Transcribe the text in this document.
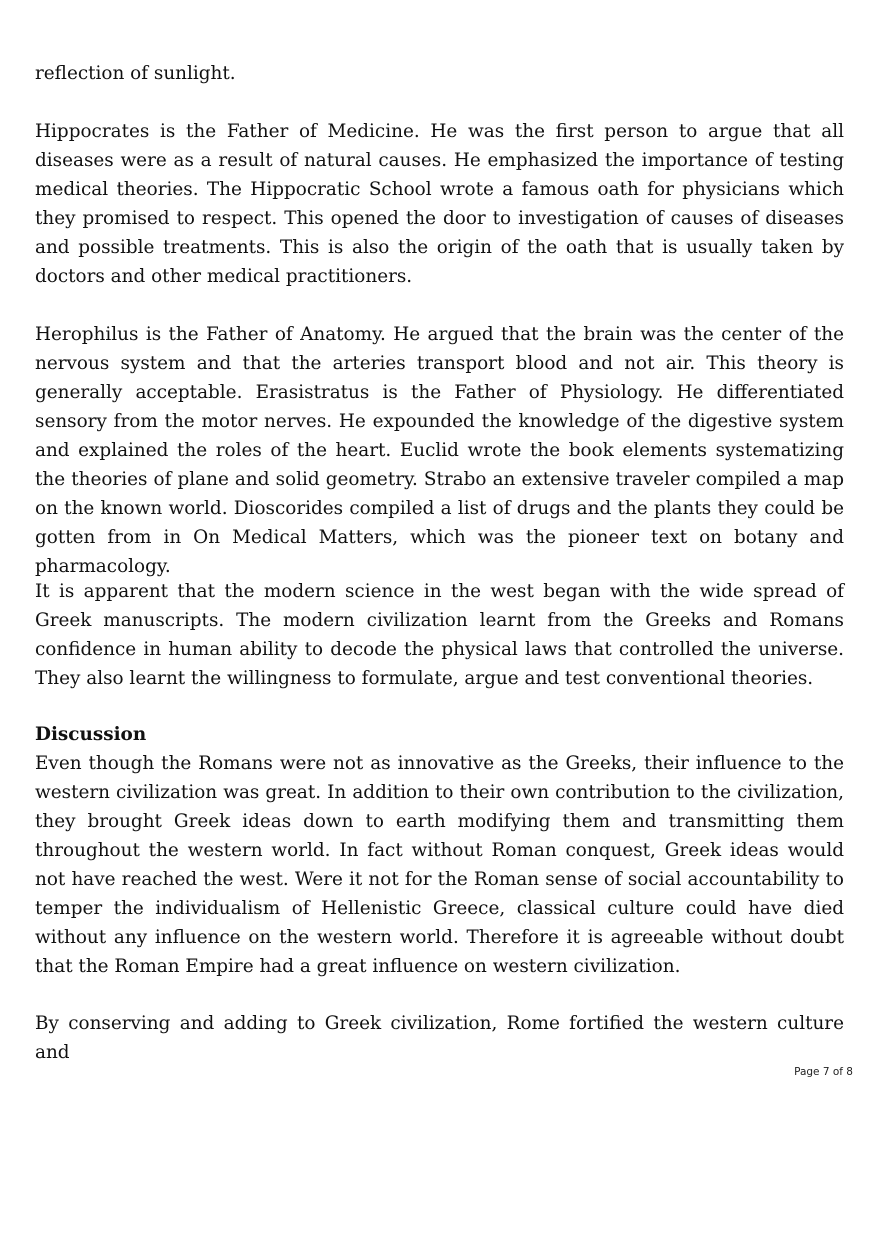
reflection of sunlight.

Hippocrates is the Father of Medicine. He was the first person to argue that all diseases were as a result of natural causes. He emphasized the importance of testing medical theories. The Hippocratic School wrote a famous oath for physicians which they promised to respect. This opened the door to investigation of causes of diseases and possible treatments. This is also the origin of the oath that is usually taken by doctors and other medical practitioners.

Herophilus is the Father of Anatomy. He argued that the brain was the center of the nervous system and that the arteries transport blood and not air. This theory is generally acceptable. Erasistratus is the Father of Physiology. He differentiated sensory from the motor nerves. He expounded the knowledge of the digestive system and explained the roles of the heart. Euclid wrote the book elements systematizing the theories of plane and solid geometry. Strabo an extensive traveler compiled a map on the known world. Dioscorides compiled a list of drugs and the plants they could be gotten from in On Medical Matters, which was the pioneer text on botany and pharmacology.

It is apparent that the modern science in the west began with the wide spread of Greek manuscripts. The modern civilization learnt from the Greeks and Romans confidence in human ability to decode the physical laws that controlled the universe. They also learnt the willingness to formulate, argue and test conventional theories.

Discussion

Even though the Romans were not as innovative as the Greeks, their influence to the western civilization was great. In addition to their own contribution to the civilization, they brought Greek ideas down to earth modifying them and transmitting them throughout the western world. In fact without Roman conquest, Greek ideas would not have reached the west. Were it not for the Roman sense of social accountability to temper the individualism of Hellenistic Greece, classical culture could have died without any influence on the western world. Therefore it is agreeable without doubt that the Roman Empire had a great influence on western civilization.

By conserving and adding to Greek civilization, Rome fortified the western culture and

Page 7 of 8
